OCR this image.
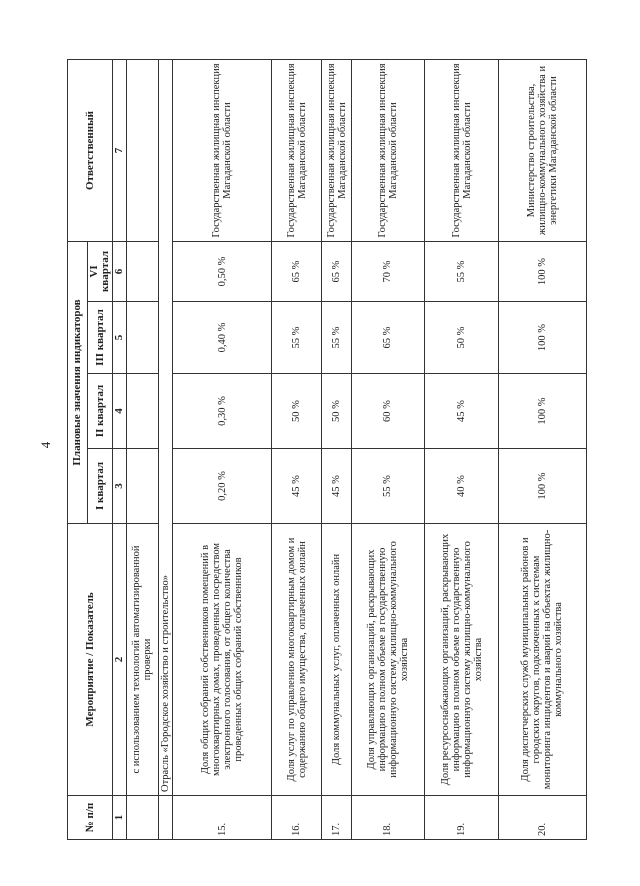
4
№ п/п	Мероприятие / Показатель	Плановые значения индикаторов				Ответственный
		I квартал	II квартал	III квартал	VI квартал	
1	2	3	4	5	6	7
	с использованием технологий автоматизированной проверки					
	Отрасль «Городское хозяйство и строительство»					
15.	Доля общих собраний собственников помещений в многоквартирных домах, проведенных посредством электронного голосования, от общего количества проведенных общих собраний собственников	0,20 %	0,30 %	0,40 %	0,50 %	Государственная жилищная инспекция Магаданской области
16.	Доля услуг по управлению многоквартирным домом и содержанию общего имущества, оплаченных онлайн	45 %	50 %	55 %	65 %	Государственная жилищная инспекция Магаданской области
17.	Доля коммунальных услуг, оплаченных онлайн	45 %	50 %	55 %	65 %	Государственная жилищная инспекция Магаданской области
18.	Доля управляющих организаций, раскрывающих информацию в полном объеме в государственную информационную систему жилищно-коммунального хозяйства	55 %	60 %	65 %	70 %	Государственная жилищная инспекция Магаданской области
19.	Доля ресурсоснабжающих организаций, раскрывающих информацию в полном объеме в государственную информационную систему жилищно-коммунального хозяйства	40 %	45 %	50 %	55 %	Государственная жилищная инспекция Магаданской области
20.	Доля диспетчерских служб муниципальных районов и городских округов, подключенных к системам мониторинга инцидентов и аварий на объектах жилищно-коммунального хозяйства	100 %	100 %	100 %	100 %	Министерство строительства, жилищно-коммунального хозяйства и энергетики Магаданской области
